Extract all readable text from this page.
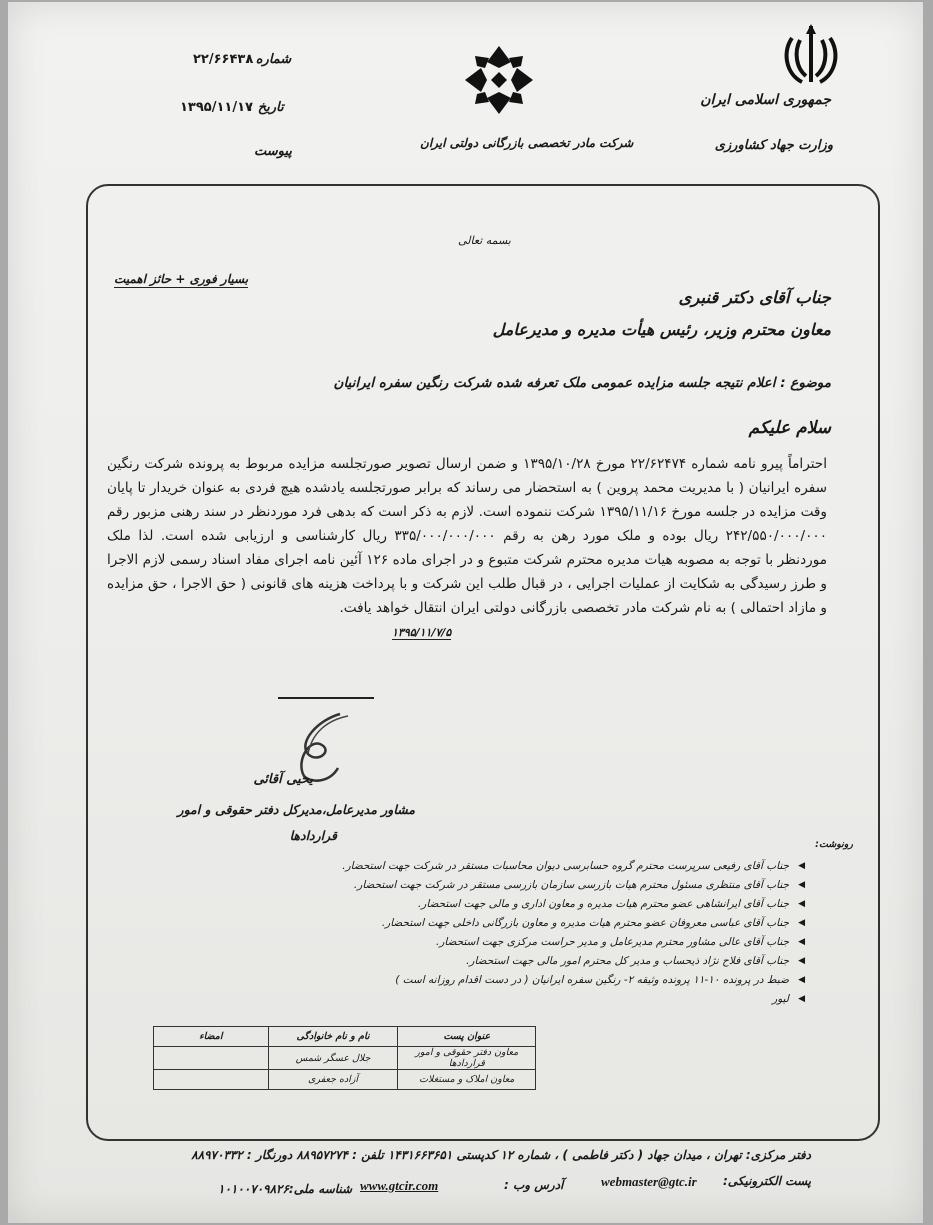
جمهوری اسلامی ایران
وزارت جهاد کشاورزی
شرکت مادر تخصصی بازرگانی دولتی ایران
شماره :
۲۲/۶۶۴۳۸
تاریخ :
۱۳۹۵/۱۱/۱۷
پیوست
بسمه تعالی
بسیار فوری + حائز اهمیت
جناب آقای دکتر قنبری
معاون محترم وزیر، رئیس هیأت مدیره و مدیرعامل
موضوع : اعلام نتیجه جلسه مزایده عمومی ملک تعرفه شده شرکت رنگین سفره ایرانیان
سلام علیکم
احتراماً پیرو نامه شماره ۲۲/۶۲۴۷۴ مورخ ۱۳۹۵/۱۰/۲۸ و ضمن ارسال تصویر صورتجلسه مزایده مربوط به پرونده شرکت رنگین سفره ایرانیان ( با مدیریت محمد پروین ) به استحضار می رساند که برابر صورتجلسه یادشده هیچ فردی به عنوان خریدار تا پایان وقت مزایده در جلسه مورخ ۱۳۹۵/۱۱/۱۶ شرکت ننموده است. لازم به ذکر است که بدهی فرد موردنظر در سند رهنی مزبور رقم ۲۴۲/۵۵۰/۰۰۰/۰۰۰ ریال بوده و ملک مورد رهن به رقم ۳۳۵/۰۰۰/۰۰۰/۰۰۰ ریال کارشناسی و ارزیابی شده است. لذا ملک موردنظر با توجه به مصوبه هیات مدیره محترم شرکت متبوع و در اجرای ماده ۱۲۶ آئین نامه اجرای مفاد اسناد رسمی لازم الاجرا و طرز رسیدگی به شکایت از عملیات اجرایی ، در قبال طلب این شرکت و با پرداخت هزینه های قانونی ( حق الاجرا ، حق مزایده و مازاد احتمالی ) به نام شرکت مادر تخصصی بازرگانی دولتی ایران انتقال خواهد یافت.
۱۳۹۵/۱۱/۷/۵
یحیی آقائی
مشاور مدیرعامل،مدیرکل دفتر حقوقی و امور
قراردادها
رونوشت:
◀
جناب آقای رفیعی سرپرست محترم گروه حسابرسی دیوان محاسبات مستقر در شرکت جهت استحضار.
◀
جناب آقای منتظری مسئول محترم هیات بازرسی سازمان بازرسی مستقر در شرکت جهت استحضار.
◀
جناب آقای ایرانشاهی عضو محترم هیات مدیره و معاون اداری و مالی جهت استحضار.
◀
جناب آقای عباسی معروفان عضو محترم هیات مدیره و معاون بازرگانی داخلی جهت استحضار.
◀
جناب آقای عالی مشاور محترم مدیرعامل و مدیر حراست مرکزی جهت استحضار.
◀
جناب آقای فلاح نژاد ذیحساب و مدیر کل محترم امور مالی جهت استحضار.
◀
ضبط در پرونده ۱۰-۱۱ پرونده وثیقه ۲- رنگین سفره ایرانیان ( در دست اقدام روزانه است )
◀
لیور
عنوان پست	نام و نام خانوادگی	امضاء
معاون دفتر حقوقی و امور قراردادها	جلال عسگر شمس	
معاون املاک و مستغلات	آزاده جعفری	
دفتر مرکزی: تهران ، میدان جهاد ( دکتر فاطمی ) ، شماره ۱۲ کدپستی ۱۴۳۱۶۶۳۶۵۱ تلفن : ۸۸۹۵۷۲۷۴ دورنگار : ۸۸۹۷۰۳۳۲
پست الکترونیکی:
webmaster@gtc.ir
آدرس وب :
www.gtcir.com
شناسه ملی:۱۰۱۰۰۷۰۹۸۲۶
